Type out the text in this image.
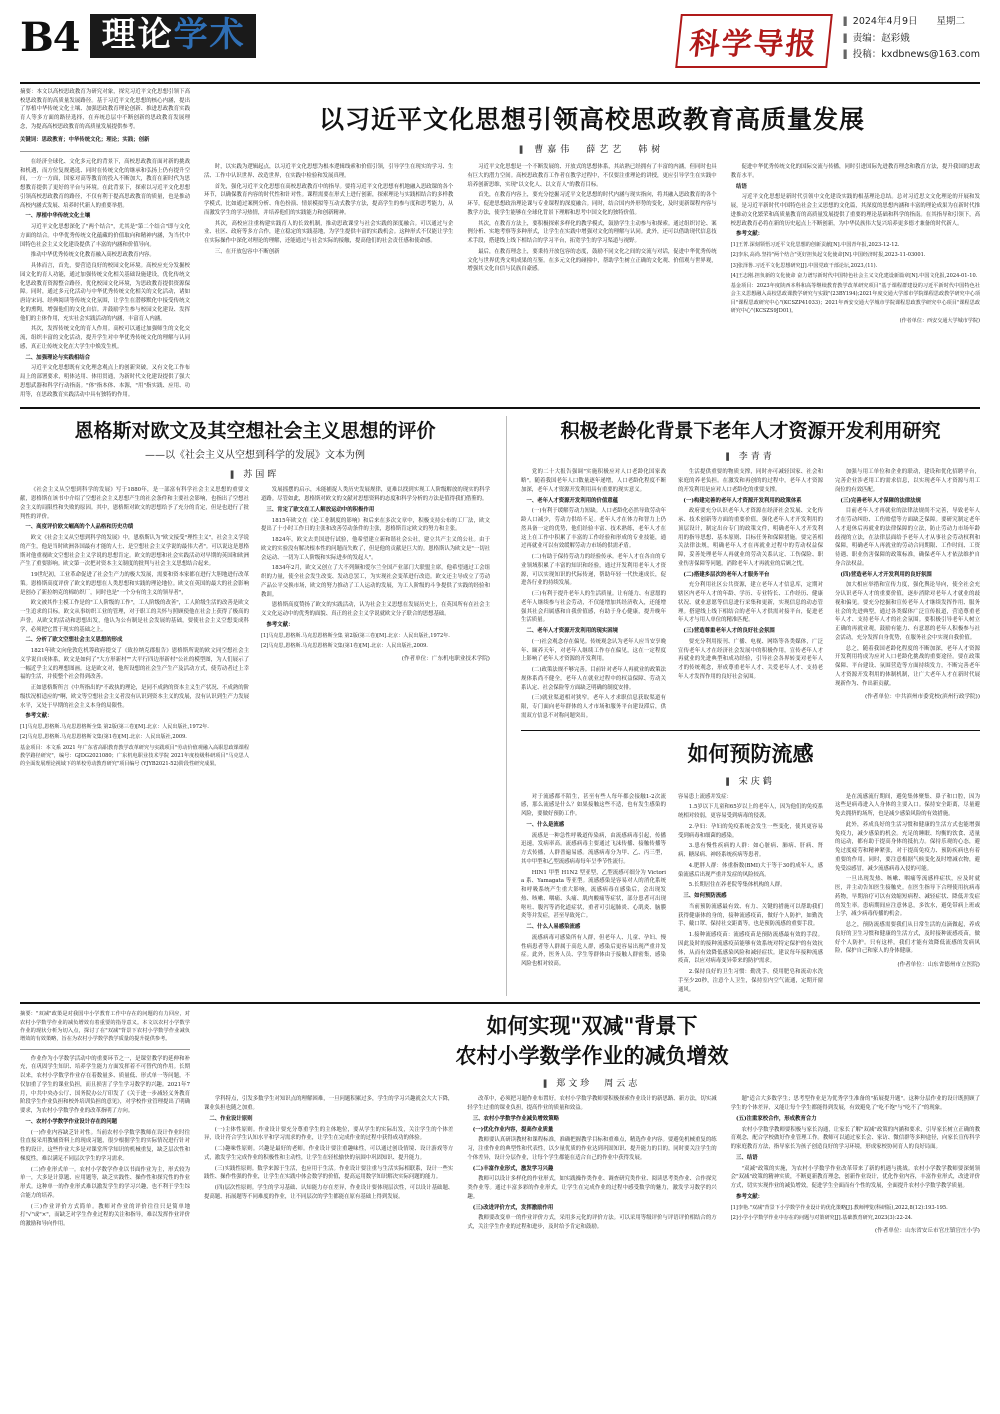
B4 理 论 学 术	科学导报
▌ 2024年4月9日　　星期二
▌ 责编：赵彩娥
▌ 投稿：kxdbnews@163.com
摘要：本文以高校思政教育为研究对象，探究习近平文化思想引领下高校思政教育的高质量发展路径。基于习近平文化思想的核心内涵，提出了厚植中华传统文化土壤、加强思政教育理论创新、推进思政教育实践育人等多方面的路径选择，在弃统总层中不断创新的思政教育发展理念，为提高高校思政教育的高质量发展提供参考。
关键词：思政教育；中华传统文化；理论；实践；创新

在经济全球化、文化多元化的背景下，高校思政教育面对新的挑战和机遇，而方位复规遇选、同时在传统文化的继承和弘扬上仍有提升空间，一方一方面，国家对高等教育的投入不断加大，教育在新时代为思想教育提供了更好的平台与环境。在此背景下，探索以习近平文化思想引领高校思政教育的路径，不仅有利于提高思政教育的质量，也是推动高校内涵式发展、培养时代新人的重要举措。

一、厚植中华传统文化土壤

习近平文化思想深化了"两个结合"，尤其是"第二个结合"即与文化方面的结合。中华优秀传统文化蕴藏的价值取向和精神内涵，为当代中国特色社会主义文化建设提供了丰富的内涵和价值导向。

推动中华优秀传统文化教育融入高校思政教育内容。

具体而言，首先，要营造良好的校园文化环境。高校应充分发掘校园文化的育人功能，通过加强传统文化相关基础设施建设，优化传统文化思政教育资源整合路径，优化校园文化环境，为思政教育提供资源保障。同时，通过多元化活动与中华优秀传统文化相关的文化活动，诸如唐诗宋词、经典阅读等传统文化氛围，让学生在潜移默化中接受传统文化的熏陶，增强他们的文化自信。并鼓励学生参与校园文化建设、发挥他们的主体作用，充实社会实践活动的内涵，丰富育人内涵。

其次，发挥传统文化的育人作用。高校可以通过加强师生的文化交流，组织丰富的文化活动，提升学生对中华优秀传统文化的理解与认同感，真正让传统文化在大学生中焕发生机。

二、加强理论与实践相结合

习近平文化思想既有文化理念观点上的创新突破，又有文化工作布局上的部署要求，明体达用、体用贯通，为新时代文化建设提供了强大思想武器和科学行动指南。"体"指本体、本源，"用"指实践、应用、功用等，在思政教育实践活动中具有独特的作用。

以习近平文化思想引领高校思政教育高质量发展
▌ 曹嘉伟　薛艺艺　韩树

时，以实践为逻辑起点，以习近平文化思想为根本逻辑线索和价值引领，引导学生在现实的学习、生活、工作中认识世界、改造世界，在实践中检验和发展真理。

首先，强化习近平文化思想在高校思政教育中的指导。要将习近平文化思想有机地融入思政课的各个环节，以确保教育内容的时代性和针对性。课程需要在形式上进行创新，探索理论与实践相结合的多样教学模式，比如通过案例分析、角色扮演、情景模拟等互动式教学方法，提高学生的参与度和思考能力，从而激发学生的学习热情，并培养他们的实践能力和创新精神。

其次，高校应注重构建实践育人的长效机制，推动思政课堂与社会实践的深度融合。可以通过与企业、社区、政府等多方合作，建立稳定的实践基地，为学生提供丰富的实践机会。这种形式不仅能让学生在实际操作中深化对理论的理解，还能通过与社会实际的接触，提高他们的社会责任感和使命感。

三、在开放包容中不断创新

习近平文化思想是一个不断发展的、开放式的思想体系，其站熟已经拥有了丰富的内涵，但同时也具有巨大的潜力空间。高校思政教育工作者在教学过程中，不仅要注重理论的讲授，更应引导学生在实践中培养创新思维，实现"以文化人、以文育人"的教育目标。

首先，在教育内容上，要充分挖掘习近平文化思想的时代内涵与现实指向，将其融入思政教育的各个环节，促进思想政治理论课与专业课程的深度融合。同时，结合国内外形势的变化，及时更新课程内容与教学方法，使学生能够在全球化背景下理解和思考中国文化的独特价值。

其次，在教育方法上，要积极探索多样化的教学模式，鼓励学生主动参与和探索。通过组织讨论、案例分析、实地考察等多种形式，让学生在实践中增强对文化的理解与认同。此外，还可以借助现代信息技术手段，搭建线上线下相结合的学习平台，拓宽学生的学习渠道与视野。

最后，在教育理念上，要秉持开放包容的态度，鼓励不同文化之间的交流与对话，促进中华优秀传统文化与世界优秀文明成果的互鉴。在多元文化的碰撞中，帮助学生树立正确的文化观、价值观与世界观，增强其文化自信与民族自豪感。

促进中华优秀传统文化的国际交流与传播，同时引进国际先进教育理念和教育方法，提升我国的思政教育水平。

结语

习近平文化思想是新时代引领中文化建设实践的根基理论总结。总对习近思文文化理论的开展和发展，是习近平新时代中国特色社会主义思想的文化篇，其深度的思想内涵和丰富的理论成果为在新时代推进推动文化繁荣和高质量教育的高质量发展提供了重要的理论基础和科学的指南。在其指导和引领下，高校思政教育必将在新的历史起点上不断创新，为中华民族伟大复兴培养更多德才兼备的时代新人。

参考文献：

[1]王菁.深刻领悟习近平文化思想的创新贡献[N].中国青年报,2023-12-12.

[2]李东,高尚.坚持"两个结合"更好担负起文化使命[N].中国经济时报,2023-11-03001.

[3]张泽鲁.习近平文化思想研究[J].中国党政干部论坛,2023,(11).

[4]王志刚.担负新的文化使命 奋力谱写新时代中国特色社会主义文化建设新篇章[N].中国文化报,2024-01-10.

基金项目：2023年度陕西本科和高等继续教育教学改革研究项目"基于课程群建设的习近平新时代中国特色社会主义思想融入高校思政课教学研究与实践"(23BY194);2021年度交通大学部市学院课程思政教学研究中心项目"课程思政研究中心"(KCSZP41033)；2021年西安交通大学城市学院课程思政教学研究中心项目"课程思政研究中心"(KCSZS9JD01)。

(作者单位：西安交通大学城市学院)

恩格斯对欧文及其空想社会主义思想的评价
——以《社会主义从空想到科学的发展》文本为例
▌ 苏国晖

《社会主义从空想到科学的发展》写于1880年，是一部富有科学社会主义思想的重要文献，恩格斯在该书中介绍了空想社会主义思想产生的社会条件和主要社会影响，也指出了空想社会主义的局限性和失败的原因。其中，恩格斯对欧文的思想给予了充分的肯定，但是也进行了批判性的评价。

一、高度评价欧文崛高的个人品格和历史功绩

欧文《社会主义从空想到科学的发展》中，恩格斯认为"欧文接受"理性主义"，社会主义学说的产生，他是当时欧洲各国最有才能的人士、是空想社会主义学说的最伟大者"。可以说这是恩格斯对他重视欧文空想社会主义学说的思想肯定。欧文的思想和社会实践活动对早期的英国和欧洲产生了重要影响。欧文第一次把对资本主义制度的批判与社会主义思想结合起来。

19世纪初，工业革命促进了社会生产力的极大发展，需要和资本家都在进行大胆地进行改革策。恩格斯高度评价了欧文的思想在人类思想和实践的理论地位。欧文在英国的最大的社会影响是创办了新拉纳克的棉纺织厂，同时也是"一个分有的主义的领导者"，

欧文被其作主模工作是的"工人阶级的工作"，工人阶级的改善"，工人阶级生活的改善是欧文一生追求的目标。欧文从事纺织工业的管理，对于职工的关怀与照顾使他在社会上获得了极高的声誉。从欧文的活动和思想出发，他认为公有制是社会发展的基础，要使社会主义空想变成科学，必须把它置于现实的基础之上。

二、分析了欧文空想社会主义思想的形成

1821年欧文向伦敦危机筹政府提交了《致拉纳克郡报告》恩格斯所说的欧文同空想社会主义学说自成体系，欧文是如何了"大方形新村""大平行四边形新村"公社的模型图，为人们展示了一幅近乎主义的理想图画。这是欧文对，他所设想的社会生产生产及活动方式，使劳动者过上幸福的生活，并使整个社会得到改善。

正如恩格斯所言《中所指出的"不政执的理论，是同不成熟的资本主义生产状况、不成熟的阶级状况相适应的"啊，欧文等空想社会主义者没有认识到资本主义的发展，没有认识到生产力发展水平，又处于早期的社会主义本身的局限性。

参考文献：

[1]马克思,恩格斯.马克思恩格斯全集 第2版(第三卷)[M].北京：人民出版社,1972年.

[2]马克思,恩格斯.马克思恩格斯文集(第1卷)[M].北京：人民出版社,2009.

基金项目：本文系 2021 年广东省高职教育教学改革研究与实践项目"劳动价值观融入高职思政课课程教学路径研究"，编号：GJDG2021080；广东机电职业技术学院 2021年度校级科研项目"马克思人的全面发展理论视域下的革校劳动教育研究"项目编号 (YJYB2021-52)阶段性研究成果。

发展摇摆的启示，未能捕捉人类历史发展规律，更难以找到实现工人阶级解放的现实的科学道路。尽管如此，恩格斯对欧文的文献对思想资料的态度和科学分析的方法是值得我们借鉴的。

三、肯定了欧文在工人解放运动中的积极作用

1815年欧文在《论工业制度的影响》和后来在多次文章中，积极支持公布的工厂法，欧文提出了十小时工作日的主张和改善劳动条件的主张，恩格斯肯定欧文的努力和主张。

1824年，欧文去美国进行试验，他希望建立新和谐社会公社，建立共产主义的公社。由于欧文的实验没有解决根本性的问题而失败了，但是他的贡献是巨大的。恩格斯认为欧文是"一切社会运动、一切为工人阶级和实际进步的发起人"。

1834年2月，欧文又创立了大不列颠和爱尔兰全国产业部门大联盟主席，他希望通过工会组织的力量，使全社会发生改变、发动总罢工，为实现社会变革进行改造。欧文还主导成立了劳动产品公平交换市场，欧文的努力推动了工人运动的发展，为工人阶级的斗争提供了实践的经验和教训。

恩格斯高度赞扬了欧文的实践活动，认为社会主义思想在发展历史上，在英国所有在社会主义文化运动中的优秀的面貌、真正的社会主义学说就欧文分子联合的思想基础。

参考文献：

[1]马克思,恩格斯.马克思恩格斯全集 第2版(第三卷)[M].北京：人民出版社,1972年.

[2]马克思,恩格斯.马克思恩格斯文集(第1卷)[M].北京：人民出版社,2009.

(作者单位：广东机电职业技术学院)
积极老龄化背景下老年人才资源开发利用研究
▌ 李青青

党的二十大报告强调"实施积极应对人口老龄化国家战略"。随着我国老年人口数量逐年递增，人口老龄化程度不断加深，老年人才资源开发利用具有重要的现实意义。

一、老年人才资源开发利用的价值意蕴

(一)有利于缓解劳动力短缺。人口老龄化必然导致劳动年龄人口减少，劳动力供给不足。老年人才在体力和智力上仍然具备一定的优势，他们经验丰富、技术熟练，老年人才在这上在工作中积累了丰富的工作经验和形成的专业技能，通过再就业可以有效缓解劳动力市场的供需矛盾。

(二)有助于保持劳动力的经验传承。老年人才在各自的专业领域积累了丰富的知识和经验，通过开发利用老年人才资源，可以实现知识的代际传递，帮助年轻一代快速成长，促进各行业的持续发展。

(三)有利于提升老年人的生活质量。让有能力、有意愿的老年人继续参与社会劳动，不仅能增加其经济收入，还能增强其社会归属感和自我价值感，有助于身心健康，提升晚年生活质量。

二、老年人才资源开发利用的现实困境

(一)社会观念存在偏见。传统观念认为老年人应当安享晚年、颐养天年，对老年人继续工作存在偏见，这在一定程度上影响了老年人才资源的开发利用。

(二)政策法规不够完善。目前针对老年人再就业的政策法规体系尚不健全，老年人在就业过程中的权益保障、劳动关系认定、社会保险等方面缺乏明确的制度安排。

(三)就业渠道相对狭窄。老年人才求职信息获取渠道有限，专门面向老年群体的人才市场和服务平台建设滞后，供需双方信息不对称问题突出。

生活提供重要的物质支撑，同时亦可减轻国家、社会和家庭的养老负担。在激发和再创的的过程中，老年人才资源的开发利用是应对人口老龄化的重要支撑。

(一)构建完善的老年人才资源开发利用的政策体系

政府要充分认识老年人才资源在经济社会发展、文化传承、技术创新等方面的重要价值，强化老年人才开发利用的顶层设计，制定出台专门的政策文件，明确老年人才开发利用的指导思想、基本原则、目标任务和保障措施。要完善相关法律法规，明确老年人才在再就业过程中的劳动权益保障，妥善处理老年人再就业的劳动关系认定、工伤保险、职业伤害保障等问题，消除老年人才再就业的后顾之忧。

(二)搭建多层次的老年人才服务平台

充分利用社区公共资源，建立老年人才信息库，定期对辖区内老年人才的年龄、学历、专业特长、工作经历、健康状况、就业意愿等信息进行采集和更新，实现信息的动态管理。搭建线上线下相结合的老年人才供需对接平台，促进老年人才与用人单位的精准匹配。

(三)营造尊重老年人才的良好社会氛围

要充分利用报刊、广播、电视、网络等各类媒体，广泛宣传老年人才在经济社会发展中的积极作用，宣传老年人才再就业的先进典型和成功经验，引导社会各界转变对老年人才的传统观念，形成尊重老年人才、关爱老年人才、支持老年人才发挥作用的良好社会氛围。

加强与用工单位和企业的联动，建设和优化招聘平台，完善企业涉老用工的需求信息，以实现老年人才资源与用工岗位的有效匹配。

(三)完善老年人才保障的法律法规

目前老年人才再就业的法律法规尚不完善，导致老年人才在劳动纠纷、工伤赔偿等方面缺乏保障。要研究制定老年人才退休后再就业的法律保障的立法，防止劳动力市场年龄歧视的立法，在法律层面给予老年人才从事社会劳动权利和保障，明确老年人再就业的劳动合同期限、工作时间、工资待遇、职业伤害保障的政策标准，确保老年人才依法维护自身合法权益。

(四)营造老年人才开发利用的良好氛围

加大相应举措和宣传力度，强化舆论导向，使全社会充分认识老年人才的重要价值，逐步消除对老年人才就业的歧视和偏见。要充分挖掘和宣传老年人才继续发挥作用、服务社会的先进典型，通过各类媒体广泛宣传报道，营造尊重老年人才、支持老年人才的社会氛围。要积极引导老年人树立正确的再就业观，鼓励有能力、有意愿的老年人积极参与社会活动，充分发挥自身优势，在服务社会中实现自我价值。

总之，随着我国老龄化程度的不断加深，老年人才资源开发利用将成为应对人口老龄化挑战的重要途径。要在政策保障、平台建设、氛围营造等方面持续发力，不断完善老年人才资源开发利用的体制机制，让广大老年人才在新时代展现新作为、作出新贡献。

(作者单位：中共滨州市委党校(滨州行政学院))
如何预防流感
▌ 宋庆鹤

对于流感都不陌生，甚至有些人每年都会接触1-2次流感，那么流感是什么？如果接触这些不适，也有发生感染的风险，要做好预防工作。

一、什么是流感

流感是一种急性呼吸道传染病，由流感病毒引起，传播迅速，发病率高。流感病毒主要通过飞沫传播、接触传播等方式传播，人群普遍易感。流感病毒分为甲、乙、丙三型，其中甲型和乙型流感病毒每年呈季节性流行。

HIN1 甲型 H1N2 型亚型，乙型流感可细分为 Victoria 系、Yamagata 等亚型。流感感染是容易对人的消化系统和呼吸系统产生重大影响，流感病毒在感染后，会出现发热、咳嗽、咽痛、头痛、肌肉酸痛等症状，部分患者可出现呕吐、腹泻等消化道症状，重者可引起肺炎、心肌炎、脑膜炎等并发症，甚至导致死亡。

二、什么人易感染流感

流感病毒可感染所有人群，但老年人、儿童、孕妇、慢性病患者等人群属于高危人群，感染后更容易出现严重并发症。此外，医务人员、学生等群体由于接触人群密集，感染风险也相对较高。

容易患上流感并发症：

1.5岁以下儿童和65岁以上的老年人，因为他们的免疫系统相对较弱，更容易受到病毒的侵袭。

2.孕妇：孕妇的免疫系统会发生一些变化，使其更容易受到病毒和细菌的感染。

3.患有慢性疾病的人群：如心脏病、肺病、肝病、肾病、糖尿病、神经系统疾病等患者。

4.肥胖人群：体重指数(BMI)大于等于30的成年人，感染流感后出现严重并发症的风险较高。

5.长期居住在养老院等集体机构的人群。

三、如何预防流感

当前预防流感最有效、有力、关键的措施可以帮助我们获得健康体的身的，接种流感疫苗，做好个人防护，如勤洗手、戴口罩、保持社交距离等，也是预防流感的重要手段。

1.接种流感疫苗：流感疫苗是预防流感最有效的手段。因此及时的接种流感疫苗能够有效系统对特定保护的有效抗体，从而有效降低感染风险和减轻症状。建议每年接种流感疫苗，以应对病毒变异带来的防护需求。

2.保持良好的卫生习惯：勤洗手，使用肥皂和流动水洗手至少20秒，注意个人卫生，保持室内空气流通，定期开窗通风。

是在流感流行期间，避免集体聚集、鼻子和口腔，因为这些是病毒进入人身体的主要入口。保持安全距离，尽量避免去拥挤的场所，也是减少感染风险的有效措施。

此外，养成良好的生活习惯和健康的生活方式也能增强免疫力，减少感染的机会。充足的睡眠、均衡的饮食、适量的运动，都有助于提高身体的抵抗力。保持乐观的心态，避免过度疲劳和精神紧张，对于提高免疫力、预防疾病也有着重要的作用。同时，要注意根据气候变化及时增减衣物，避免受凉感冒，减少流感病毒入侵的可能。

一旦出现发热、咳嗽、咽痛等流感样症状，应及时就医，并主动告知医生接触史。在医生指导下合理使用抗病毒药物，早期治疗可以有效缩短病程、减轻症状、降低并发症的发生率。患病期间应注意休息，多饮水，避免带病上班或上学，减少病毒传播的机会。

总之，预防流感需要我们从日常生活的点滴做起，养成良好的卫生习惯和健康的生活方式，及时接种流感疫苗，做好个人防护。只有这样，我们才能有效降低流感的发病风险，保护自己和家人的身体健康。

(作者单位：山东省德州市立医院)
摘要："双减"政策是对我国中小学教育工作中存在的问题的有力回应，对农村小学数学作业的减负增效有着重要的指导意义。本文以农村小学数学作业的现状分析为切入点，探讨了在"双减"背景下农村小学数学作业减负增效的有效策略，旨在为农村小学数学教学质量的提升提供参考。

作业作为小学数学活动中的重要环节之一，是课堂教学的延伸和补充，在巩固学生知识、培养学生能力方面发挥着不可替代的作用。长期以来，农村小学数学作业存在着数量多、质量低、形式单一等问题，不仅加重了学生的课业负担，而且损害了学生学习数学的兴趣。2021年7月，中共中央办公厅、国务院办公厅印发了《关于进一步减轻义务教育阶段学生作业负担和校外培训负担的意见》，对学校作业管理提出了明确要求，为农村小学数学作业的改革指明了方向。

一、农村小学数学作业设计存在的问题

(一)作业内容缺乏针对性。当前农村小学数学教师在设计作业时往往直接采用教辅资料上的现成习题，很少根据学生的实际情况进行针对性的设计。这些作业大多是对课堂所学知识的机械重复，缺乏层次性和梯度性，难以满足不同层次学生的学习需求。

(二)作业形式单一。农村小学数学作业以书面作业为主，形式较为单一，大多是计算题、应用题等，缺乏实践性、操作性和探究性的作业形式。这种单一的作业形式难以激发学生的学习兴趣，也不利于学生综合能力的培养。

(三)作业评价方式简单。教师对作业的评价往往只是简单地打"√"或"×"，而缺乏对学生作业过程的关注和指导，难以发挥作业评价的激励和导向作用。

如何实现"双减"背景下
农村小学数学作业的减负增效
▌ 郑文珍　周云志

学科特点，引发多数学生对知识点的理解困难，一旦问题积累过多，学生的学习兴趣就会大大下降，课业负担也随之加重。

二、作业设计原则

(一)主体性原则。作业设计要充分尊重学生的主体地位，要从学生的实际出发，关注学生的个体差异，设计符合学生认知水平和学习需求的作业，让学生在完成作业的过程中获得成功的体验。

(二)趣味性原则。兴趣是最好的老师。作业设计要注重趣味性，可以通过创设情境、设计游戏等方式，激发学生完成作业的积极性和主动性，让学生在轻松愉快的氛围中巩固知识、提升能力。

(三)实践性原则。数学来源于生活，也应用于生活。作业设计要注重与生活实际相联系，设计一些实践性、操作性强的作业，让学生在实践中体会数学的价值，提高运用数学知识解决实际问题的能力。

(四)层次性原则。学生的学习基础、认知能力存在差异，作业设计要体现层次性，可以设计基础题、提高题、拓展题等不同难度的作业，让不同层次的学生都能在原有基础上得到发展。

改革中，必须把习题作业布置好。农村小学数学教师要积极探索作业设计的新思路、新方法，切实减轻学生过重的课业负担，提高作业的质量和效益。

三、农村小学数学作业减负增效策略

(一)优化作业内容，提高作业质量

教师要认真研读教材和课程标准，准确把握教学目标和重难点，精选作业内容。要避免机械重复的练习，注重作业的典型性和代表性，以少量优质的作业达到巩固知识、提升能力的目的。同时要关注学生的个体差异，设计分层作业，让每个学生都能在适合自己的作业中获得发展。

(二)丰富作业形式，激发学习兴趣

教师可以设计多样化的作业形式，如实践操作类作业、调查研究类作业、阅读思考类作业、合作探究类作业等。通过丰富多彩的作业形式，让学生在完成作业的过程中感受数学的魅力，激发学习数学的兴趣。

(三)改进评价方式，发挥激励作用

教师要改变单一的作业评价方式，采用多元化的评价方法。可以采用等级评价与评语评价相结合的方式，关注学生作业的过程和进步，及时给予肯定和鼓励。

题"适合大多数学生；思考型作业是为优秀学生准备的"拓展提升题"。这种分层作业的设计既照顾了学生的个体差异，又能让每个学生都能得到发展，有效避免了"吃不饱"与"吃不了"的现象。

(五)注重家校合作，形成教育合力

农村小学数学教师要积极与家长沟通，让家长了解"双减"政策的内涵和要求，引导家长树立正确的教育观念，配合学校做好作业管理工作。教师可以通过家长会、家访、微信群等多种途径，向家长宣传科学的家庭教育方法，指导家长为孩子创造良好的学习环境，形成家校协同育人的良好局面。

三、结语

"双减"政策的实施，为农村小学数学作业改革带来了新的机遇与挑战。农村小学数学教师要深刻领会"双减"政策的精神实质，不断更新教育理念，创新作业设计，优化作业内容，丰富作业形式，改进评价方式，切实实现作业的减负增效，促进学生全面而有个性的发展，全面提升农村小学数学教学质量。

参考文献：

[1]李艳."双减"背景下小学数学作业设计的优化策略[J].教师博览(科研版),2022,8(12):193-195.

[2]小学小学数学作业中存在的问题与对策研究[J].基础教育研究,2023(3):22-24.

(作者单位：山东省安丘市官庄镇官庄小学)
